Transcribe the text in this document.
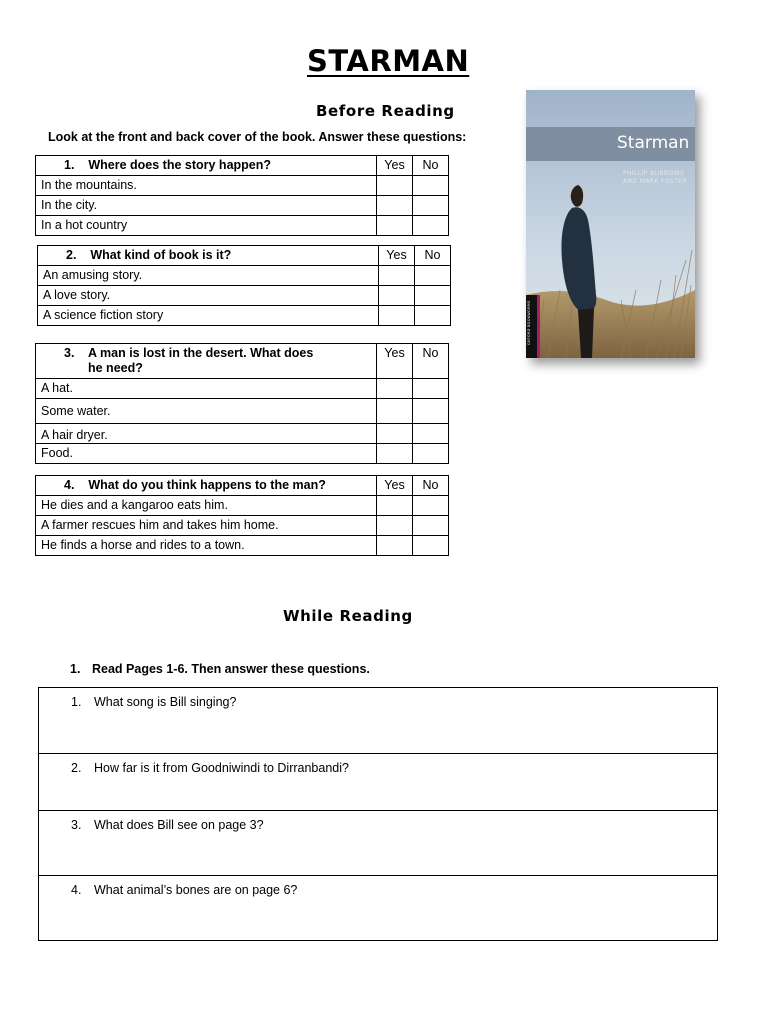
STARMAN
Before Reading
Look at the front and back cover of the book. Answer these questions:
1. Where does the story happen?	Yes	No
In the mountains.		
In the city.		
In a hot country		
2. What kind of book is it?	Yes	No
An amusing story.		
A love story.		
A science fiction story		
3. A man is lost in the desert. What does he need?	Yes	No
A hat.		
Some water.		
A hair dryer.		
Food.		
4. What do you think happens to the man?	Yes	No
He dies and a kangaroo eats him.		
A farmer rescues him and takes him home.		
He finds a horse and rides to a town.		
Starman
PHILLIP BURROWS
AND MARK FOSTER
OXFORD BOOKWORMS
While Reading
1. Read Pages 1-6. Then answer these questions.
1. What song is Bill singing?
2. How far is it from Goodniwindi to Dirranbandi?
3. What does Bill see on page 3?
4. What animal’s bones are on page 6?
